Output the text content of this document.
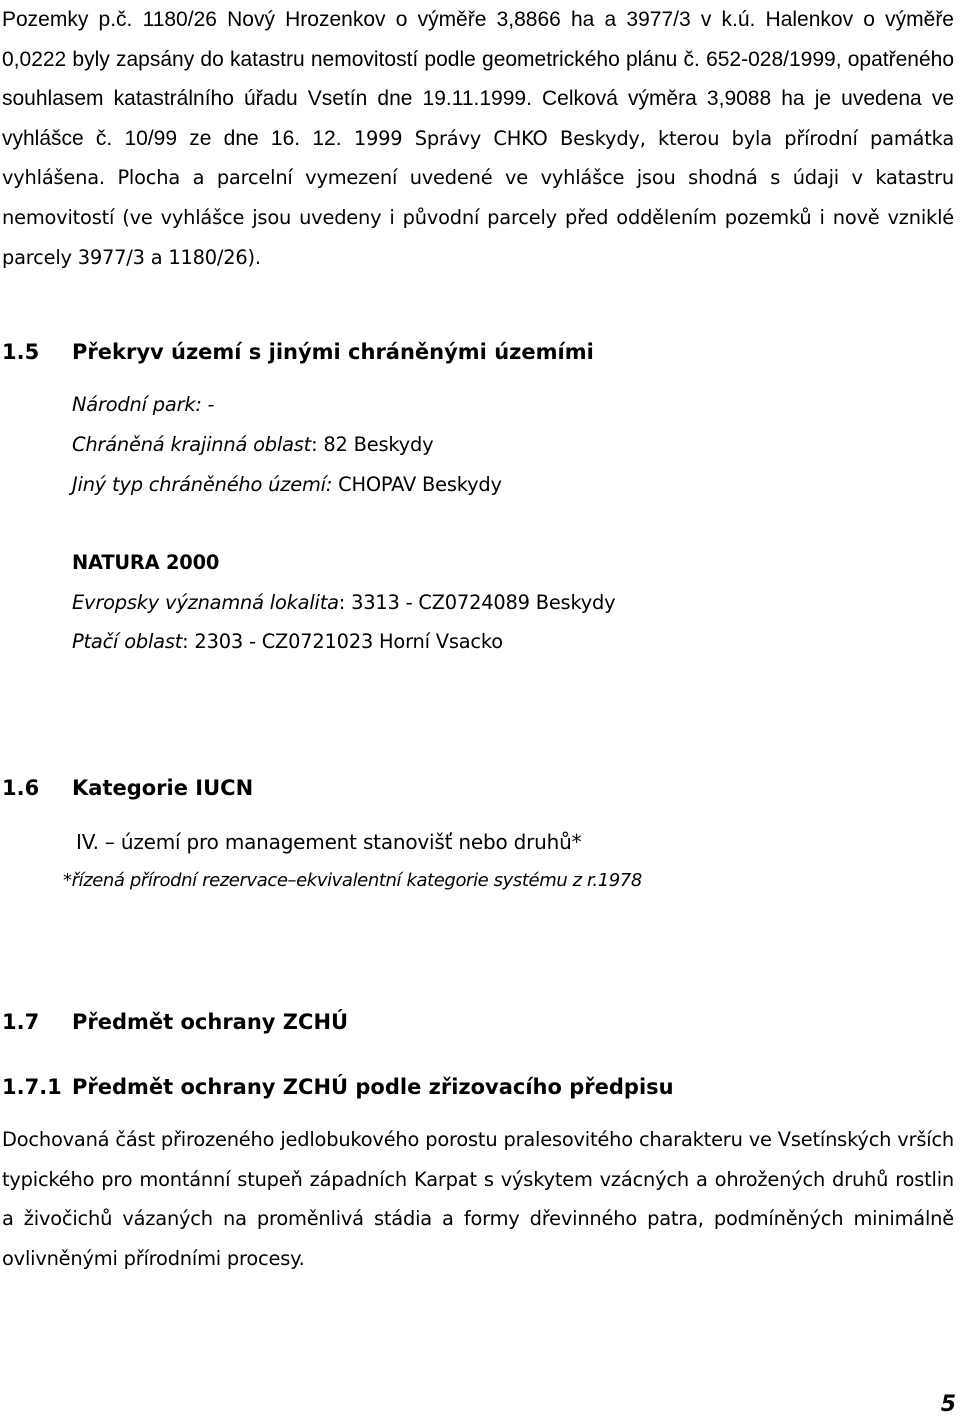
Pozemky p.č. 1180/26 Nový Hrozenkov o výměře 3,8866 ha a 3977/3 v k.ú. Halenkov o výměře 0,0222 byly zapsány do katastru nemovitostí podle geometrického plánu č. 652-028/1999, opatřeného souhlasem katastrálního úřadu Vsetín dne 19.11.1999. Celková výměra 3,9088 ha je uvedena ve vyhlášce č. 10/99 ze dne 16. 12. 1999 Správy CHKO Beskydy, kterou byla přírodní památka vyhlášena. Plocha a parcelní vymezení uvedené ve vyhlášce jsou shodná s údaji v katastru nemovitostí (ve vyhlášce jsou uvedeny i původní parcely před oddělením pozemků i nově vzniklé parcely 3977/3 a 1180/26).

1.5 Překryv území s jinými chráněnými územími

Národní park: -

Chráněná krajinná oblast: 82 Beskydy

Jiný typ chráněného území: CHOPAV Beskydy

NATURA 2000

Evropsky významná lokalita: 3313 - CZ0724089 Beskydy

Ptačí oblast: 2303 - CZ0721023 Horní Vsacko

1.6 Kategorie IUCN

IV. – území pro management stanovišť nebo druhů*

*řízená přírodní rezervace–ekvivalentní kategorie systému z r.1978

1.7 Předmět ochrany ZCHÚ
1.7.1 Předmět ochrany ZCHÚ podle zřizovacího předpisu

Dochovaná část přirozeného jedlobukového porostu pralesovitého charakteru ve Vsetínských vrších typického pro montánní stupeň západních Karpat s výskytem vzácných a ohrožených druhů rostlin a živočichů vázaných na proměnlivá stádia a formy dřevinného patra, podmíněných minimálně ovlivněnými přírodními procesy.

5
